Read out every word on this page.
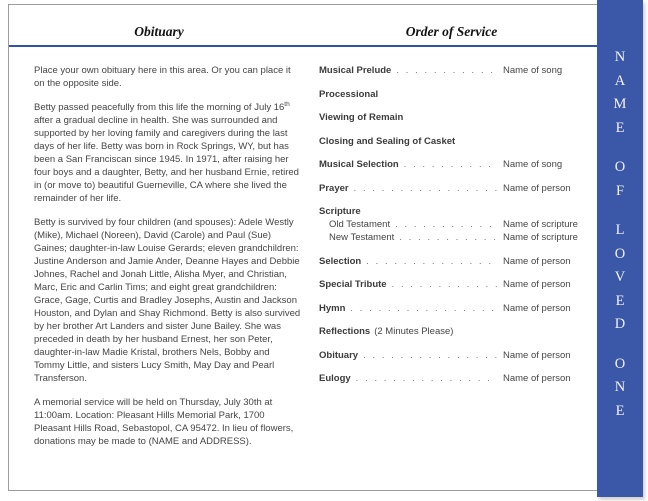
Obituary	Order of Service

Place your own obituary here in this area. Or you can place it on the opposite side.

Betty passed peacefully from this life the morning of July 16th after a gradual decline in health. She was surrounded and supported by her loving family and caregivers during the last days of her life. Betty was born in Rock Springs, WY, but has been a San Franciscan since 1945. In 1971, after raising her four boys and a daughter, Betty, and her husband Ernie, retired in (or move to) beautiful Guerneville, CA where she lived the remainder of her life.

Betty is survived by four children (and spouses): Adele Westly (Mike), Michael (Noreen), David (Carole) and Paul (Sue) Gaines; daughter-in-law Louise Gerards; eleven grandchildren: Justine Anderson and Jamie Ander, Deanne Hayes and Debbie Johnes, Rachel and Jonah Little, Alisha Myer, and Christian, Marc, Eric and Carlin Tims; and eight great grandchildren: Grace, Gage, Curtis and Bradley Josephs, Austin and Jackson Houston, and Dylan and Shay Richmond. Betty is also survived by her brother Art Landers and sister June Bailey. She was preceded in death by her husband Ernest, her son Peter, daughter-in-law Madie Kristal, brothers Nels, Bobby and Tommy Little, and sisters Lucy Smith, May Day and Pearl Transferson.

A memorial service will be held on Thursday, July 30th at 11:00am. Location: Pleasant Hills Memorial Park, 1700 Pleasant Hills Road, Sebastopol, CA 95472. In lieu of flowers, donations may be made to (NAME and ADDRESS).

Musical Prelude . . .	Name of song
Processional
Viewing of Remain
Closing and Sealing of Casket
Musical Selection . . .	Name of song
Prayer . . .	Name of person
Scripture
Old Testament . . .	Name of scripture
New Testament . . .	Name of scripture
Selection . . .	Name of person
Special Tribute . . .	Name of person
Hymn . . .	Name of person
Reflections (2 Minutes Please)
Obituary . . .	Name of person
Eulogy . . .	Name of person
N
A
M
E
O
F
L
O
V
E
D
O
N
E
